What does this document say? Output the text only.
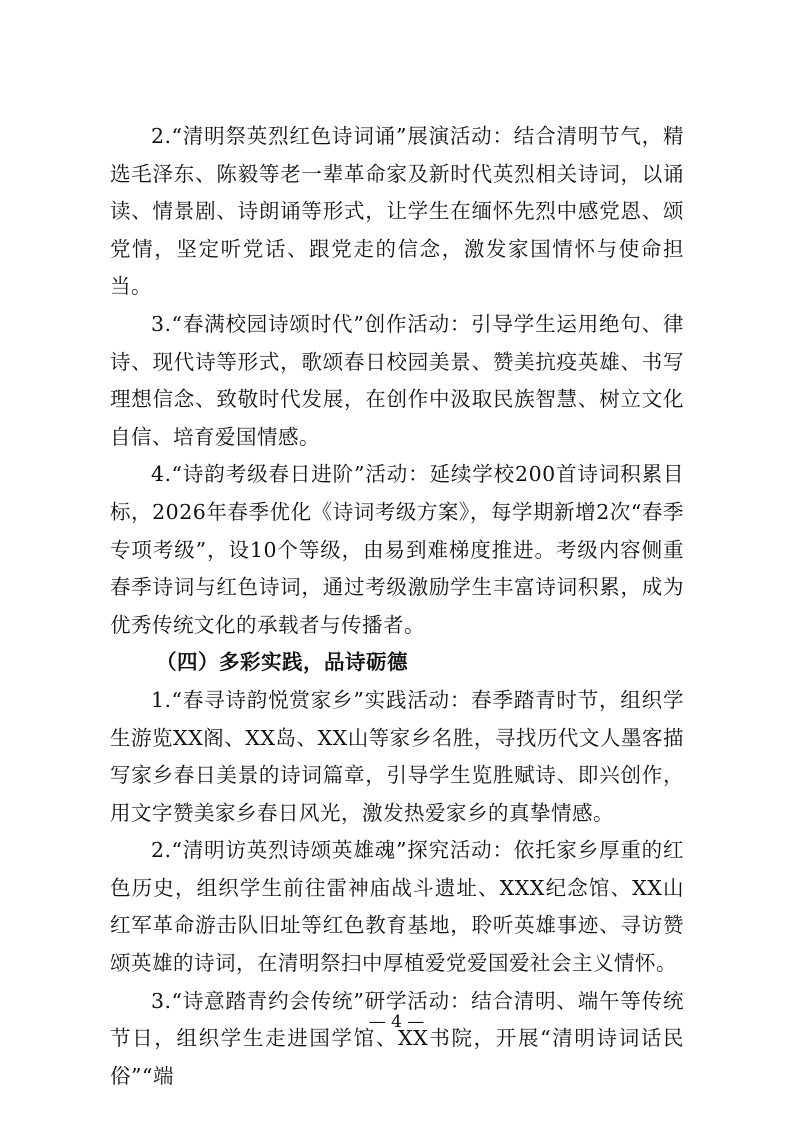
2.“清明祭英烈红色诗词诵”展演活动：结合清明节气，精选毛泽东、陈毅等老一辈革命家及新时代英烈相关诗词，以诵读、情景剧、诗朗诵等形式，让学生在缅怀先烈中感党恩、颂党情，坚定听党话、跟党走的信念，激发家国情怀与使命担当。

3.“春满校园诗颂时代”创作活动：引导学生运用绝句、律诗、现代诗等形式，歌颂春日校园美景、赞美抗疫英雄、书写理想信念、致敬时代发展，在创作中汲取民族智慧、树立文化自信、培育爱国情感。

4.“诗韵考级春日进阶”活动：延续学校200首诗词积累目标，2026年春季优化《诗词考级方案》，每学期新增2次“春季专项考级”，设10个等级，由易到难梯度推进。考级内容侧重春季诗词与红色诗词，通过考级激励学生丰富诗词积累，成为优秀传统文化的承载者与传播者。

（四）多彩实践，品诗砺德

1.“春寻诗韵悦赏家乡”实践活动：春季踏青时节，组织学生游览XX阁、XX岛、XX山等家乡名胜，寻找历代文人墨客描写家乡春日美景的诗词篇章，引导学生览胜赋诗、即兴创作，用文字赞美家乡春日风光，激发热爱家乡的真挚情感。

2.“清明访英烈诗颂英雄魂”探究活动：依托家乡厚重的红色历史，组织学生前往雷神庙战斗遗址、XXX纪念馆、XX山红军革命游击队旧址等红色教育基地，聆听英雄事迹、寻访赞颂英雄的诗词，在清明祭扫中厚植爱党爱国爱社会主义情怀。

3.“诗意踏青约会传统”研学活动：结合清明、端午等传统节日，组织学生走进国学馆、XX书院，开展“清明诗词话民俗”“端

— 4 —
